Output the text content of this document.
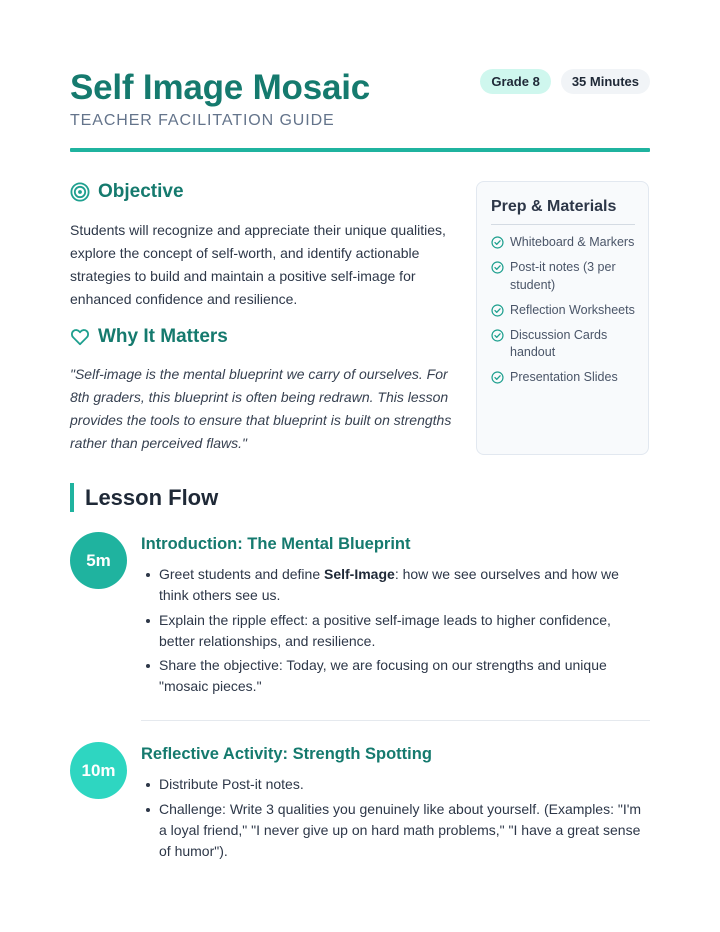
Self Image Mosaic
TEACHER FACILITATION GUIDE
Grade 8	35 Minutes
Objective

Students will recognize and appreciate their unique qualities, explore the concept of self-worth, and identify actionable strategies to build and maintain a positive self-image for enhanced confidence and resilience.

Why It Matters

"Self-image is the mental blueprint we carry of ourselves. For 8th graders, this blueprint is often being redrawn. This lesson provides the tools to ensure that blueprint is built on strengths rather than perceived flaws."

Prep & Materials
Whiteboard & Markers
Post-it notes (3 per student)
Reflection Worksheets
Discussion Cards handout
Presentation Slides
Lesson Flow
5m
Introduction: The Mental Blueprint
Greet students and define Self-Image: how we see ourselves and how we think others see us.
Explain the ripple effect: a positive self-image leads to higher confidence, better relationships, and resilience.
Share the objective: Today, we are focusing on our strengths and unique "mosaic pieces."
10m
Reflective Activity: Strength Spotting
Distribute Post-it notes.
Challenge: Write 3 qualities you genuinely like about yourself. (Examples: "I'm a loyal friend," "I never give up on hard math problems," "I have a great sense of humor").
